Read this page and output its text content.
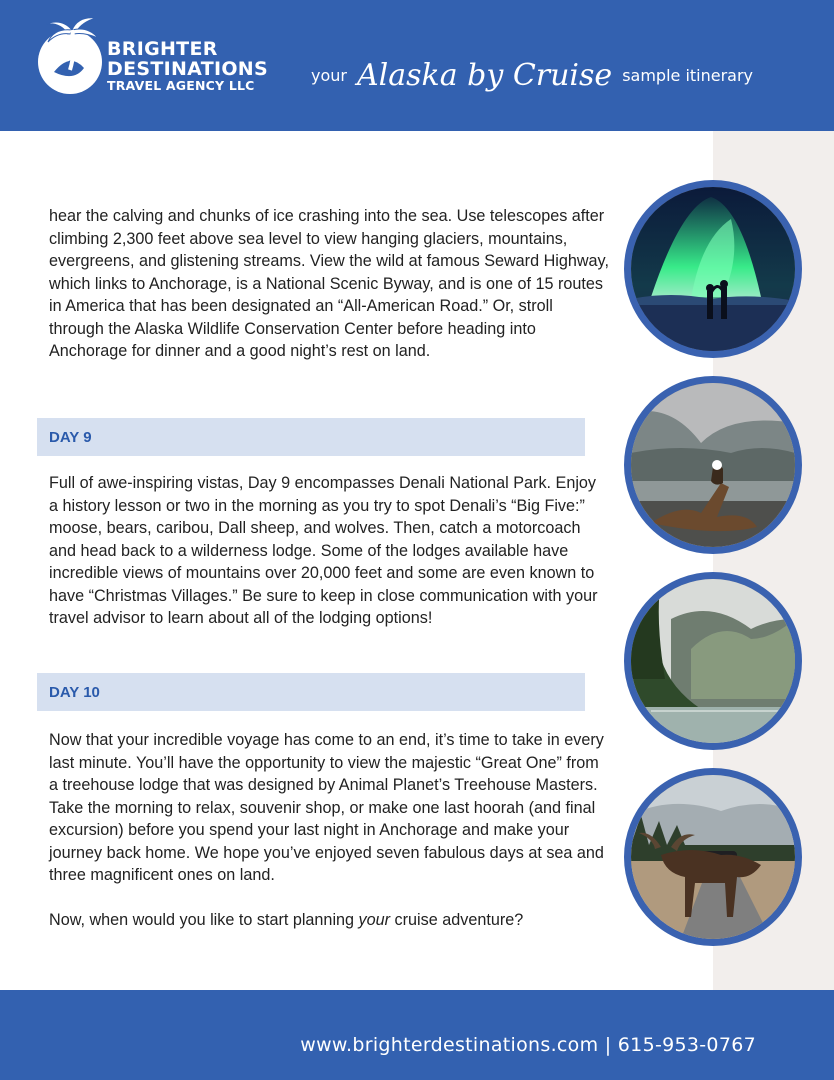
BRIGHTER
DESTINATIONS
TRAVEL AGENCY LLC
your Alaska by Cruise sample itinerary

hear the calving and chunks of ice crashing into the sea. Use telescopes after climbing 2,300 feet above sea level to view hanging glaciers, mountains, evergreens, and glistening streams. View the wild at famous Seward Highway, which links to Anchorage, is a National Scenic Byway, and is one of 15 routes in America that has been designated an “All-American Road.” Or, stroll through the Alaska Wildlife Conservation Center before heading into Anchorage for dinner and a good night’s rest on land.

DAY 9

Full of awe-inspiring vistas, Day 9 encompasses Denali National Park. Enjoy a history lesson or two in the morning as you try to spot Denali’s “Big Five:” moose, bears, caribou, Dall sheep, and wolves. Then, catch a motorcoach and head back to a wilderness lodge. Some of the lodges available have incredible views of mountains over 20,000 feet and some are even known to have “Christmas Villages.” Be sure to keep in close communication with your travel advisor to learn about all of the lodging options!

DAY 10

Now that your incredible voyage has come to an end, it’s time to take in every last minute. You’ll have the opportunity to view the majestic “Great One” from a treehouse lodge that was designed by Animal Planet’s Treehouse Masters. Take the morning to relax, souvenir shop, or make one last hoorah (and final excursion) before you spend your last night in Anchorage and make your journey back home. We hope you’ve enjoyed seven fabulous days at sea and three magnificent ones on land.

Now, when would you like to start planning your cruise adventure?

www.brighterdestinations.com | 615-953-0767
